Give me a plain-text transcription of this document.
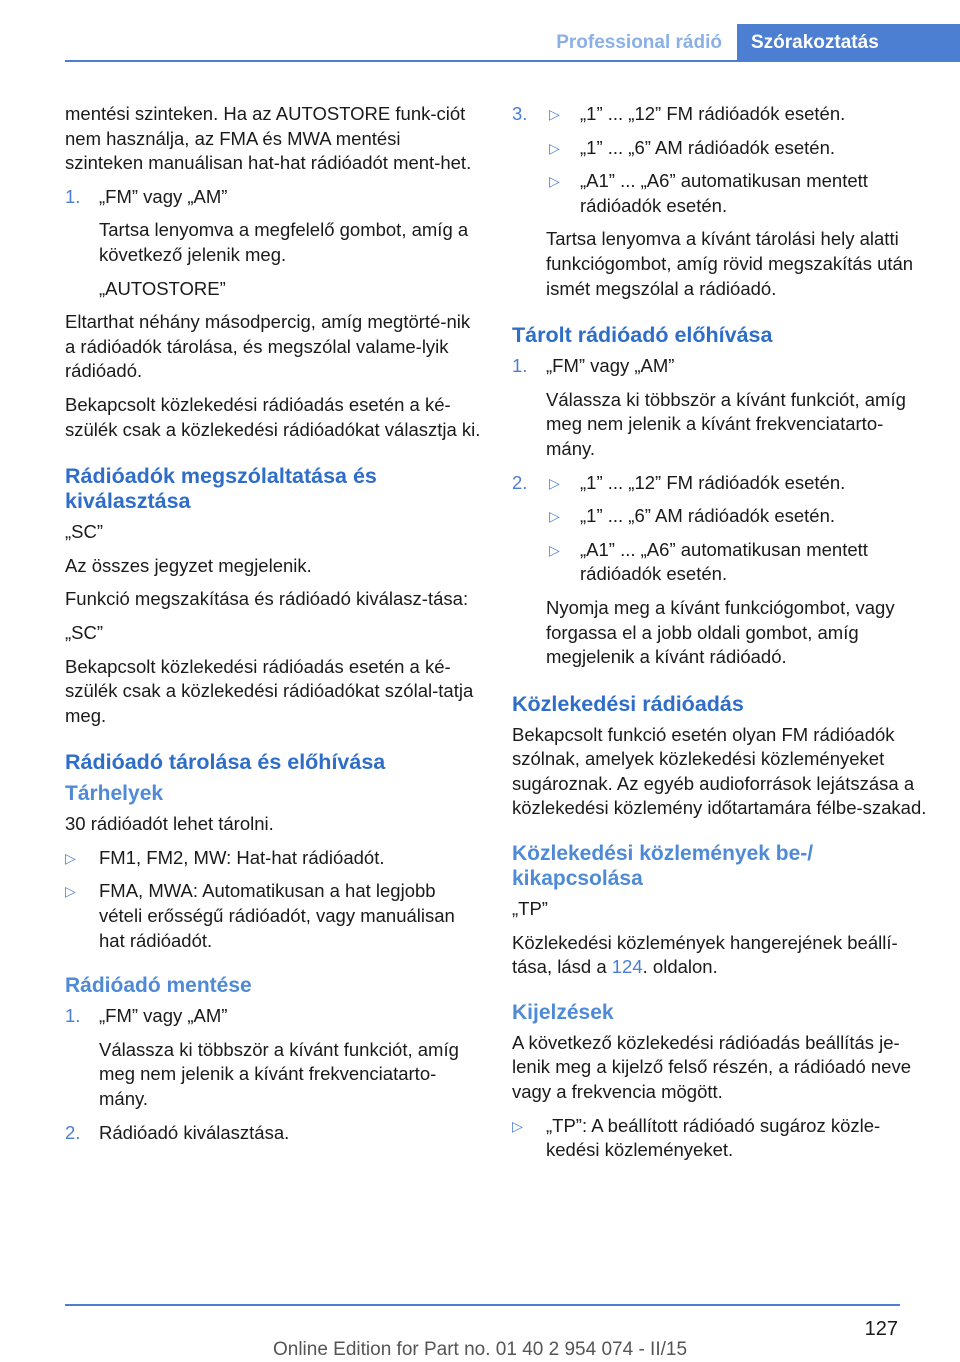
Professional rádió	Szórakoztatás

mentési szinteken. Ha az AUTOSTORE funk-ciót nem használja, az FMA és MWA mentési szinteken manuálisan hat-hat rádióadót ment-het.

1. „FM” vagy „AM”
Tartsa lenyomva a megfelelő gombot, amíg a következő jelenik meg.
„AUTOSTORE”

Eltarthat néhány másodpercig, amíg megtörté-nik a rádióadók tárolása, és megszólal valame-lyik rádióadó.

Bekapcsolt közlekedési rádióadás esetén a ké-szülék csak a közlekedési rádióadókat választja ki.

Rádióadók megszólaltatása és kiválasztása

„SC”

Az összes jegyzet megjelenik.

Funkció megszakítása és rádióadó kiválasz-tása:

„SC”

Bekapcsolt közlekedési rádióadás esetén a ké-szülék csak a közlekedési rádióadókat szólal-tatja meg.

Rádióadó tárolása és előhívása
Tárhelyek

30 rádióadót lehet tárolni.

▷ FM1, FM2, MW: Hat-hat rádióadót.
▷ FMA, MWA: Automatikusan a hat legjobb vételi erősségű rádióadót, vagy manuálisan hat rádióadót.
Rádióadó mentése
1. „FM” vagy „AM”
Válassza ki többször a kívánt funkciót, amíg meg nem jelenik a kívánt frekvenciatarto-mány.
2. Rádióadó kiválasztása.
3. ▷	„1” ... „12” FM rádióadók esetén.
▷ „1” ... „6” AM rádióadók esetén.
▷ „A1” ... „A6” automatikusan mentett rádióadók esetén.
Tartsa lenyomva a kívánt tárolási hely alatti funkciógombot, amíg rövid megszakítás után ismét megszólal a rádióadó.
Tárolt rádióadó előhívása
1. „FM” vagy „AM”
Válassza ki többször a kívánt funkciót, amíg meg nem jelenik a kívánt frekvenciatarto-mány.
2. ▷	„1” ... „12” FM rádióadók esetén.
▷ „1” ... „6” AM rádióadók esetén.
▷ „A1” ... „A6” automatikusan mentett rádióadók esetén.
Nyomja meg a kívánt funkciógombot, vagy forgassa el a jobb oldali gombot, amíg megjelenik a kívánt rádióadó.
Közlekedési rádióadás

Bekapcsolt funkció esetén olyan FM rádióadók szólnak, amelyek közlekedési közleményeket sugároznak. Az egyéb audioforrások lejátszása a közlekedési közlemény időtartamára félbe-szakad.

Közlekedési közlemények be-/ kikapcsolása

„TP”

Közlekedési közlemények hangerejének beállí-tása, lásd a 124. oldalon.

Kijelzések

A következő közlekedési rádióadás beállítás je-lenik meg a kijelző felső részén, a rádióadó neve vagy a frekvencia mögött.

▷ „TP”: A beállított rádióadó sugároz közle-kedési közleményeket.
127
Online Edition for Part no. 01 40 2 954 074 - II/15
